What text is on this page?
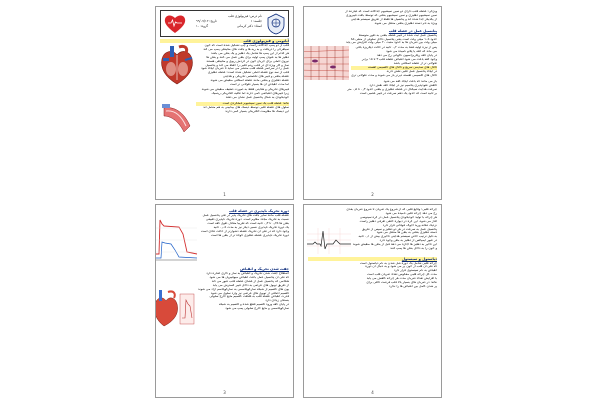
نام درس: فیزیولوژی قلب
جلسه: ۱
تاریخ: ۹۹/۰۷/۱۲
استاد: دکتر کرمانی
گروه: ۱۰
آناتومی و فیزیولوژی قلب
قلب از دو پمپ جداگانه راست و چپ تشکیل شده است که خون
سیاهرگی را دریافت و به ریه ها و بافت های محیطی پمپ می کند
هر کدام از این پمپ ها شامل یک دهلیز و یک بطن می باشد
دهلیز ها به عنوان پمپ اولیه برای بطن عمل می کنند و بطن ها
نیروی اصلی برای جریان خون در گردش ریوی و محیطی هستند
ساز و کار ویژه ای در قلب ریتم قلبی را حفظ می کند و پتانسیل
عمل را در سراسر عضله قلب منتشر می نماید تا ضربان ایجاد شود
قلب از سه نوع عضله اصلی تشکیل شده است: عضله دهلیزی
عضله بطنی و فیبر های تخصصی تحریکی و هدایتی
عضله دهلیزی و بطنی مانند عضله اسکلتی منقبض می شوند
اما مدت انقباض آن ها بسیار طولانی تر است
فیبرهای تحریکی و هدایتی فقط به صورت ضعیف منقبض می شوند
زیرا فیبرهای انقباضی کمی دارند اما تخلیه الکتریکی ریتمیک
خودبخودی به شکل پتانسیل عمل نشان می دهند
نکته: عضله قلب یک سین سیشیوم عملکردی است
سلول های عضله قلبی توسط دیسک های بینابینی به هم متصل اند
این دیسک ها مقاومت الکتریکی بسیار کمی دارند
1
ویژگی: عضله قلب دارای دو سین سیشیوم جداگانه است که عبارتند از
سین سیشیوم دهلیزی و سین سیشیوم بطنی که توسط بافت فیبروزی
از یکدیگر جدا شده اند و پتانسیل ها فقط از طریق سیستم هدایتی
ویژه به نام دسته دهلیزی بطنی منتقل می شوند
پتانسیل عمل در عضله قلب
پتانسیل عمل ثبت شده در فیبر عضله بطنی به طور متوسط
حدود ۱۰۵ میلی ولت است یعنی پتانسیل داخل سلولی از منفی ۸۵
میلی ولت بین ضربان ها به حدود مثبت ۲۰ میلی ولت افزایش می یابد
پس از نیزه اولیه غشا به مدت ۰٫۲ ثانیه در حالت دپلاریزه باقی
می ماند که کفه یا پلاتو نامیده می شود
در پایان کفه رپلاریزاسیون ناگهانی رخ می دهد
وجود کفه باعث می شود انقباض عضله قلب ۳ تا ۱۵ برابر
طولانی تر از عضله اسکلتی باشد
کانال های سدیمی سریع و کانال های کلسیمی آهسته
در ایجاد پتانسیل عمل قلبی نقش دارند
کانال های کلسیمی آهسته دیرتر باز می شوند و مدت طولانی تری
باز می مانند که باعث ایجاد کفه می شود
کاهش نفوذپذیری پتاسیم نیز در ایجاد کفه نقش دارد
سرعت هدایت سیگنال در عضله دهلیزی و بطنی حدود ۰٫۳ تا ۰٫۵ متر
بر ثانیه است که حدود یک دهم سرعت در فیبر عصبی است
2
دوره تحریک ناپذیری در عضله قلب
عضله قلب مانند سایر بافت های تحریک پذیر در طی پتانسیل عمل
نسبت به تحریک مجدد مقاوم است. دوره تحریک ناپذیری طبیعی
بطن ها ۰٫۲۵ تا ۰٫۳ ثانیه است که تقریبا معادل طول کفه است
یک دوره تحریک ناپذیری نسبی دیگر نیز به مدت ۰٫۰۵ ثانیه
وجود دارد که در طی آن تحریک عضله دشوارتر از حالت عادی است
دوره تحریک ناپذیری عضله دهلیزی کوتاه تر از بطن ها است
جفت شدن تحریک و انقباض
اصطلاح جفت شدن تحریک و انقباض به ساز و کاری اشاره دارد
که طی آن پتانسیل عمل باعث انقباض میوفیبریل ها می شود
هنگامی که پتانسیل عمل از غشای عضله قلب عبور می کند
از طریق توبول های عرضی به داخل فیبر گسترش می یابد
یون های کلسیم از شبکه سارکوپلاسمی به سارکوپلاسم آزاد می شوند
کلسیم اضافی از توبول های عرضی نیز وارد سلول می شود
قدرت انقباض عضله قلب به غلظت کلسیم مایع خارج سلولی
بستگی زیادی دارد
در پایان کفه ورود کلسیم قطع شده و کلسیم به شبکه
سارکوپلاسمی و مایع خارج سلولی پمپ می شود
3
چرخه قلبی: وقایع قلبی که از شروع یک ضربان تا شروع ضربان بعدی
رخ می دهد چرخه قلبی نامیده می شود
هر چرخه با تولید خودبخودی پتانسیل عمل در گره سینوسی
آغاز می شود. این گره در دیواره خلفی طرفی دهلیز راست
نزدیک دهانه ورید اجوف فوقانی قرار دارد
پتانسیل عمل به سرعت در هر دو دهلیز و سپس از طریق
دسته دهلیزی بطنی به بطن ها منتقل می شود
به دلیل ترتیب خاص سیستم هدایتی تاخیری بیش از ۰٫۱ ثانیه
در عبور ایمپالس از دهلیز به بطن وجود دارد
این تاخیر به دهلیز ها اجازه می دهد قبل از بطن ها منقبض شوند
و خون را به داخل بطن ها پمپ کنند
دیاستول و سیستول
چرخه قلبی شامل یک دوره شل شدن به نام دیاستول است
که طی آن قلب از خون پر می شود و به دنبال آن دوره
انقباض به نام سیستول قرار دارد
مدت کل چرخه قلبی معکوس تعداد ضربان قلب است
با افزایش تعداد ضربان مدت هر چرخه کاهش می یابد
نکته: در ضربان های بسیار بالا قلب فرصت کافی برای
پر شدن کامل بین انقباض ها را ندارد
4
